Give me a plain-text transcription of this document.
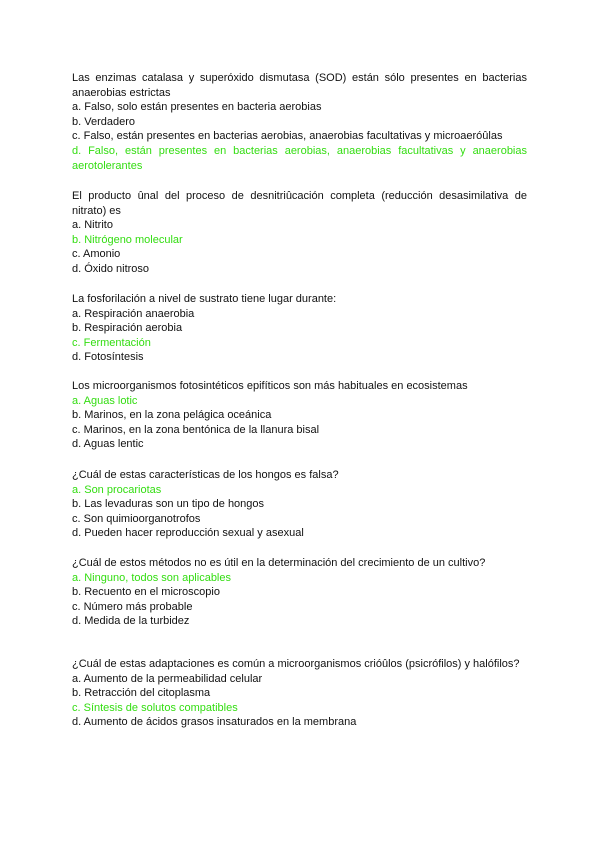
Las enzimas catalasa y superóxido dismutasa (SOD) están sólo presentes en bacterias anaerobias estrictas
a. Falso, solo están presentes en bacteria aerobias
b. Verdadero
c. Falso, están presentes en bacterias aerobias, anaerobias facultativas y microaeróûlas
d. Falso, están presentes en bacterias aerobias, anaerobias facultativas y anaerobias aerotolerantes
El producto ûnal del proceso de desnitriûcación completa (reducción desasimilativa de nitrato) es
a. Nitrito
b. Nitrógeno molecular
c. Amonio
d. Óxido nitroso
La fosforilación a nivel de sustrato tiene lugar durante:
a. Respiración anaerobia
b. Respiración aerobia
c. Fermentación
d. Fotosíntesis
Los microorganismos fotosintéticos epifíticos son más habituales en ecosistemas
a. Aguas lotic
b. Marinos, en la zona pelágica oceánica
c. Marinos, en la zona bentónica de la llanura bisal
d. Aguas lentic
¿Cuál de estas características de los hongos es falsa?
a. Son procariotas
b. Las levaduras son un tipo de hongos
c. Son quimioorganotrofos
d. Pueden hacer reproducción sexual y asexual
¿Cuál de estos métodos no es útil en la determinación del crecimiento de un cultivo?
a. Ninguno, todos son aplicables
b. Recuento en el microscopio
c. Número más probable
d. Medida de la turbidez
¿Cuál de estas adaptaciones es común a microorganismos crióûlos (psicrófilos) y halófilos?
a. Aumento de la permeabilidad celular
b. Retracción del citoplasma
c. Síntesis de solutos compatibles
d. Aumento de ácidos grasos insaturados en la membrana
